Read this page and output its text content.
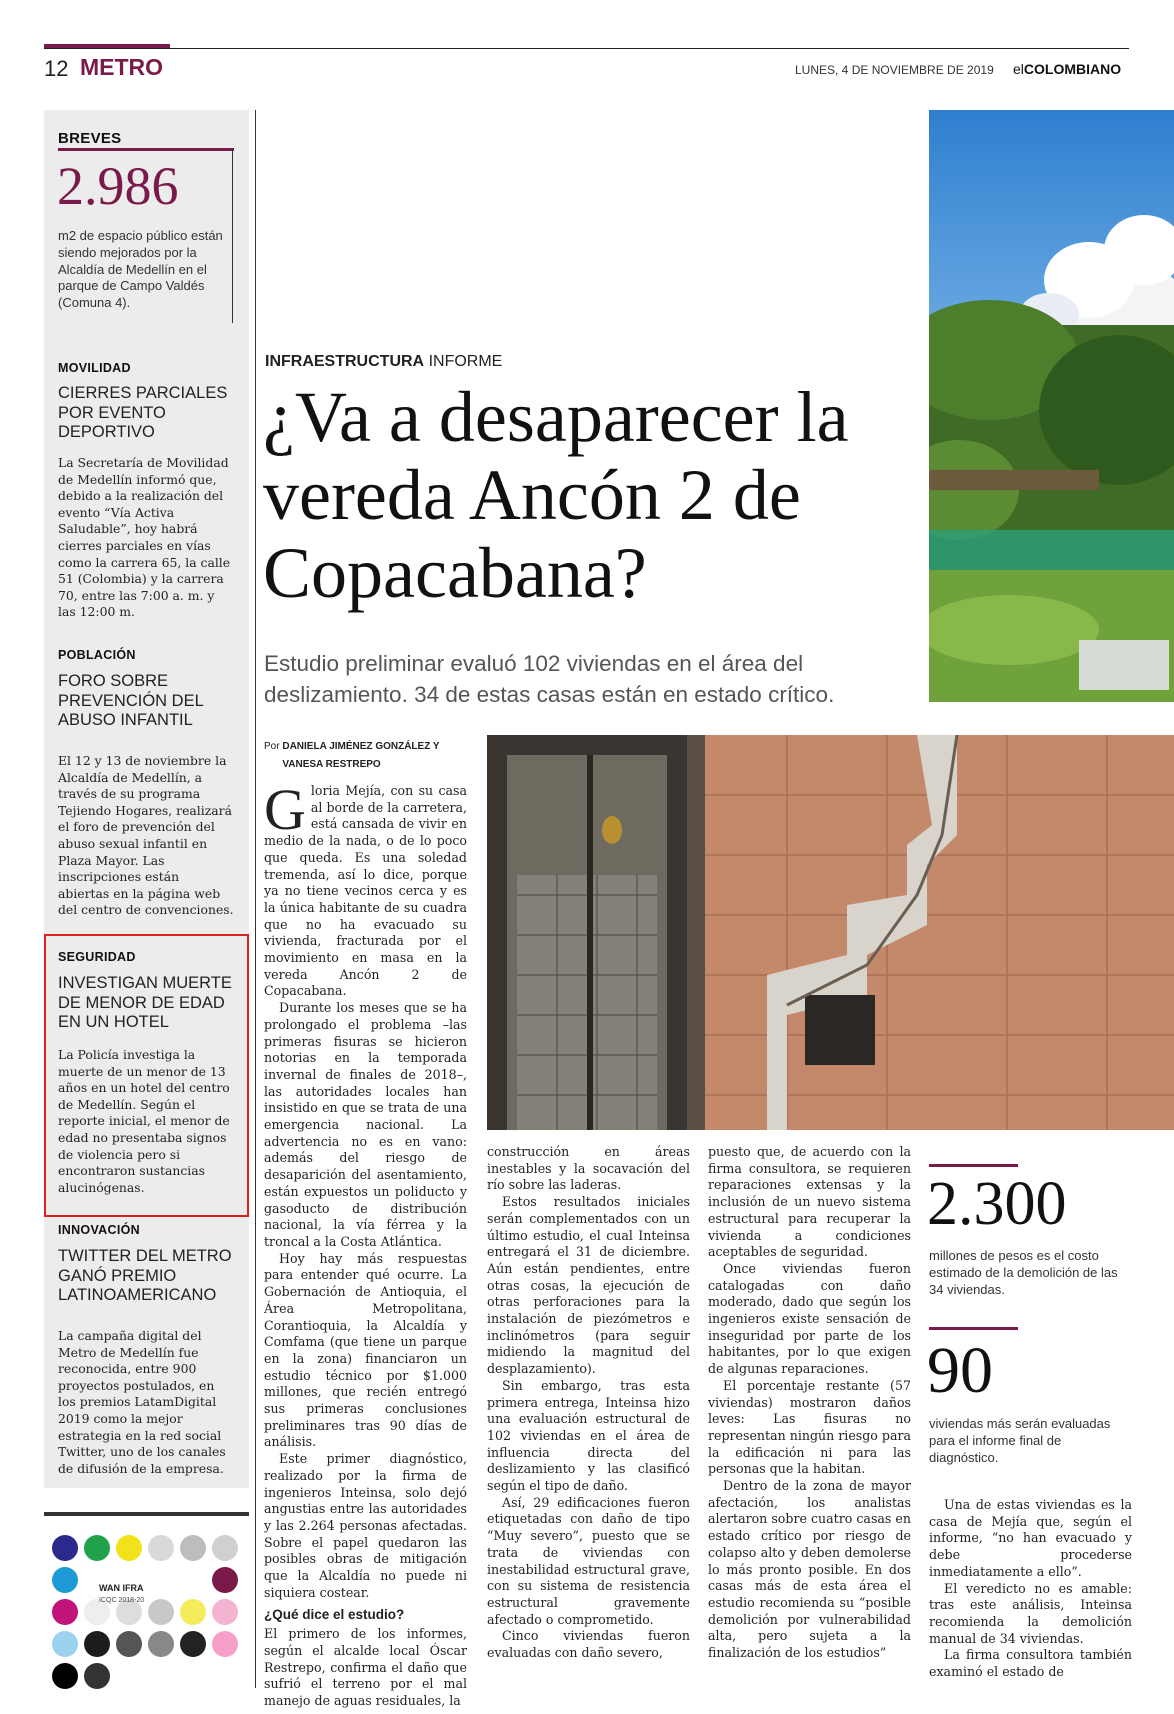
12 METRO	LUNES, 4 DE NOVIEMBRE DE 2019 elCOLOMBIANO
BREVES
2.986
m2 de espacio público están siendo mejorados por la Alcaldía de Medellín en el parque de Campo Valdés (Comuna 4).
MOVILIDAD
CIERRES PARCIALES POR EVENTO DEPORTIVO
La Secretaría de Movilidad de Medellín informó que, debido a la realización del evento “Vía Activa Saludable”, hoy habrá cierres parciales en vías como la carrera 65, la calle 51 (Colombia) y la carrera 70, entre las 7:00 a. m. y las 12:00 m.
POBLACIÓN
FORO SOBRE PREVENCIÓN DEL ABUSO INFANTIL
El 12 y 13 de noviembre la Alcaldía de Medellín, a través de su programa Tejiendo Hogares, realizará el foro de prevención del abuso sexual infantil en Plaza Mayor. Las inscripciones están abiertas en la página web del centro de convenciones.
SEGURIDAD
INVESTIGAN MUERTE DE MENOR DE EDAD EN UN HOTEL
La Policía investiga la muerte de un menor de 13 años en un hotel del centro de Medellín. Según el reporte inicial, el menor de edad no presentaba signos de violencia pero si encontraron sustancias alucinógenas.
INNOVACIÓN
TWITTER DEL METRO GANÓ PREMIO LATINOAMERICANO
La campaña digital del Metro de Medellín fue reconocida, entre 900 proyectos postulados, en los premios LatamDigital 2019 como la mejor estrategia en la red social Twitter, uno de los canales de difusión de la empresa.
WAN IFRA
ICQC 2018-20
INFRAESTRUCTURA INFORME
¿Va a desaparecer la vereda Ancón 2 de Copacabana?
Estudio preliminar evaluó 102 viviendas en el área del deslizamiento. 34 de estas casas están en estado crítico.
Por DANIELA JIMÉNEZ GONZÁLEZ Y VANESA RESTREPO

Gloria Mejía, con su casa al borde de la carretera, está cansada de vivir en medio de la nada, o de lo poco que queda. Es una soledad tremenda, así lo dice, porque ya no tiene vecinos cerca y es la única habitante de su cuadra que no ha evacuado su vivienda, fracturada por el movimiento en masa en la vereda Ancón 2 de Copacabana.

Durante los meses que se ha prolongado el problema –las primeras fisuras se hicieron notorias en la temporada invernal de finales de 2018–, las autoridades locales han insistido en que se trata de una emergencia nacional. La advertencia no es en vano: además del riesgo de desaparición del asentamiento, están expuestos un poliducto y gasoducto de distribución nacional, la vía férrea y la troncal a la Costa Atlántica.

Hoy hay más respuestas para entender qué ocurre. La Gobernación de Antioquia, el Área Metropolitana, Corantioquia, la Alcaldía y Comfama (que tiene un parque en la zona) financiaron un estudio técnico por $1.000 millones, que recién entregó sus primeras conclusiones preliminares tras 90 días de análisis.

Este primer diagnóstico, realizado por la firma de ingenieros Inteinsa, solo dejó angustias entre las autoridades y las 2.264 personas afectadas. Sobre el papel quedaron las posibles obras de mitigación que la Alcaldía no puede ni siquiera costear.

¿Qué dice el estudio?

El primero de los informes, según el alcalde local Óscar Restrepo, confirma el daño que sufrió el terreno por el mal manejo de aguas residuales, la

construcción en áreas inestables y la socavación del río sobre las laderas.

Estos resultados iniciales serán complementados con un último estudio, el cual Inteinsa entregará el 31 de diciembre. Aún están pendientes, entre otras cosas, la ejecución de otras perforaciones para la instalación de piezómetros e inclinómetros (para seguir midiendo la magnitud del desplazamiento).

Sin embargo, tras esta primera entrega, Inteinsa hizo una evaluación estructural de 102 viviendas en el área de influencia directa del deslizamiento y las clasificó según el tipo de daño.

Así, 29 edificaciones fueron etiquetadas con daño de tipo “Muy severo”, puesto que se trata de viviendas con inestabilidad estructural grave, con su sistema de resistencia estructural gravemente afectado o comprometido.

Cinco viviendas fueron evaluadas con daño severo,

puesto que, de acuerdo con la firma consultora, se requieren reparaciones extensas y la inclusión de un nuevo sistema estructural para recuperar la vivienda a condiciones aceptables de seguridad.

Once viviendas fueron catalogadas con daño moderado, dado que según los ingenieros existe sensación de inseguridad por parte de los habitantes, por lo que exigen de algunas reparaciones.

El porcentaje restante (57 viviendas) mostraron daños leves: Las fisuras no representan ningún riesgo para la edificación ni para las personas que la habitan.

Dentro de la zona de mayor afectación, los analistas alertaron sobre cuatro casas en estado crítico por riesgo de colapso alto y deben demolerse lo más pronto posible. En dos casas más de esta área el estudio recomienda su “posible demolición por vulnerabilidad alta, pero sujeta a la finalización de los estudios”

2.300
millones de pesos es el costo estimado de la demolición de las 34 viviendas.
90
viviendas más serán evaluadas para el informe final de diagnóstico.

Una de estas viviendas es la casa de Mejía que, según el informe, “no han evacuado y debe procederse inmediatamente a ello”.

El veredicto no es amable: tras este análisis, Inteinsa recomienda la demolición manual de 34 viviendas.

La firma consultora también examinó el estado de
